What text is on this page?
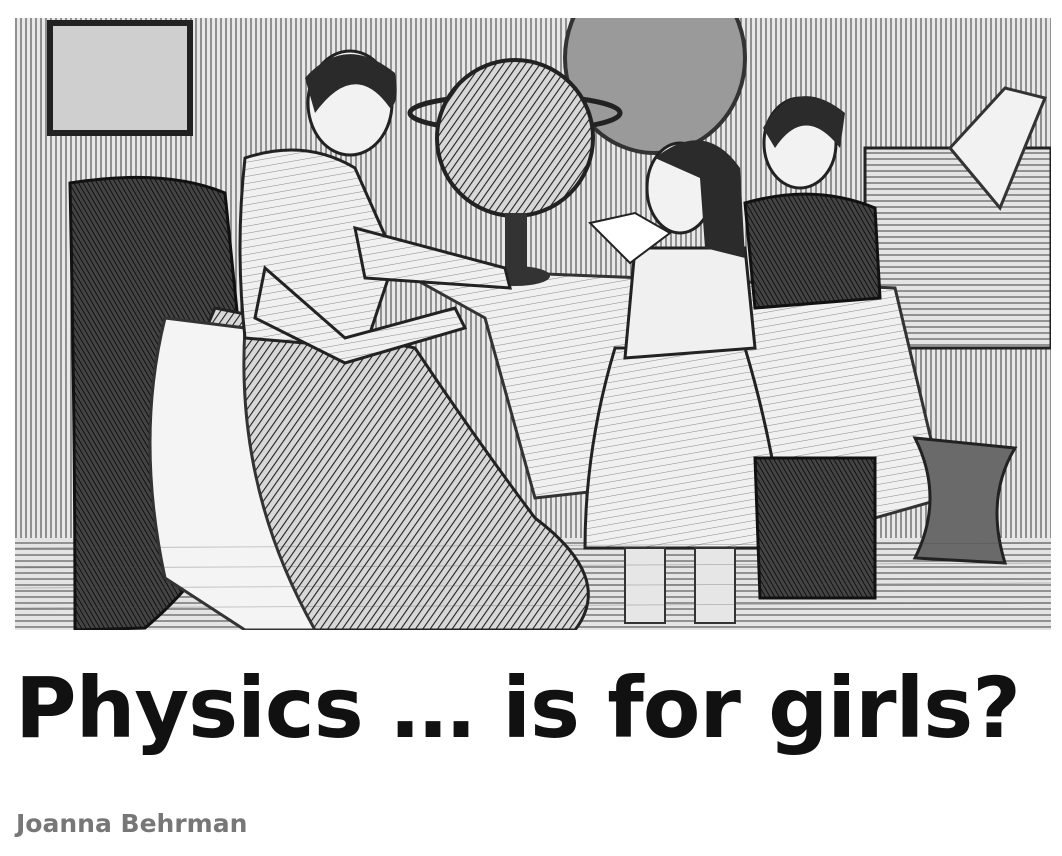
Physics … is for girls?

Joanna Behrman
